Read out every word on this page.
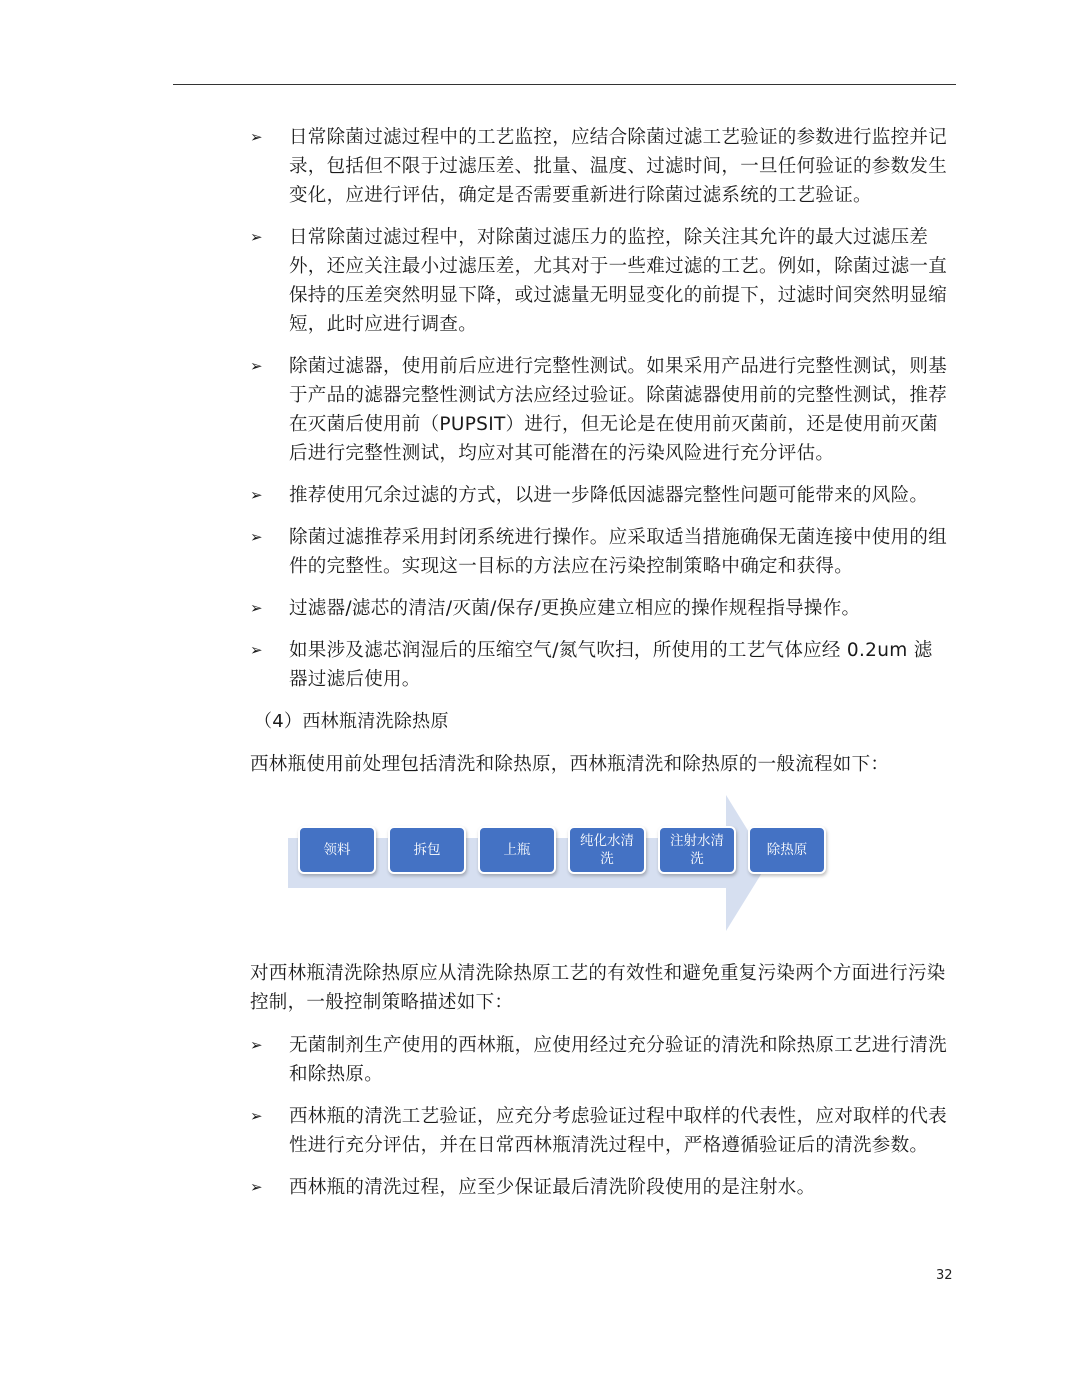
➢ 日常除菌过滤过程中的工艺监控，应结合除菌过滤工艺验证的参数进行监控并记录，包括但不限于过滤压差、批量、温度、过滤时间，一旦任何验证的参数发生变化，应进行评估，确定是否需要重新进行除菌过滤系统的工艺验证。
➢ 日常除菌过滤过程中，对除菌过滤压力的监控，除关注其允许的最大过滤压差外，还应关注最小过滤压差，尤其对于一些难过滤的工艺。例如，除菌过滤一直保持的压差突然明显下降，或过滤量无明显变化的前提下，过滤时间突然明显缩短，此时应进行调查。
➢ 除菌过滤器，使用前后应进行完整性测试。如果采用产品进行完整性测试，则基于产品的滤器完整性测试方法应经过验证。除菌滤器使用前的完整性测试，推荐在灭菌后使用前（PUPSIT）进行，但无论是在使用前灭菌前，还是使用前灭菌后进行完整性测试，均应对其可能潜在的污染风险进行充分评估。
➢ 推荐使用冗余过滤的方式，以进一步降低因滤器完整性问题可能带来的风险。
➢ 除菌过滤推荐采用封闭系统进行操作。应采取适当措施确保无菌连接中使用的组件的完整性。实现这一目标的方法应在污染控制策略中确定和获得。
➢ 过滤器/滤芯的清洁/灭菌/保存/更换应建立相应的操作规程指导操作。
➢ 如果涉及滤芯润湿后的压缩空气/氮气吹扫，所使用的工艺气体应经 0.2um 滤器过滤后使用。
（4）西林瓶清洗除热原
西林瓶使用前处理包括清洗和除热原，西林瓶清洗和除热原的一般流程如下：
领料	拆包	上瓶
纯化水清洗
注射水清洗
除热原
对西林瓶清洗除热原应从清洗除热原工艺的有效性和避免重复污染两个方面进行污染控制，一般控制策略描述如下：
➢ 无菌制剂生产使用的西林瓶，应使用经过充分验证的清洗和除热原工艺进行清洗和除热原。
➢ 西林瓶的清洗工艺验证，应充分考虑验证过程中取样的代表性，应对取样的代表性进行充分评估，并在日常西林瓶清洗过程中，严格遵循验证后的清洗参数。
➢ 西林瓶的清洗过程，应至少保证最后清洗阶段使用的是注射水。
32
